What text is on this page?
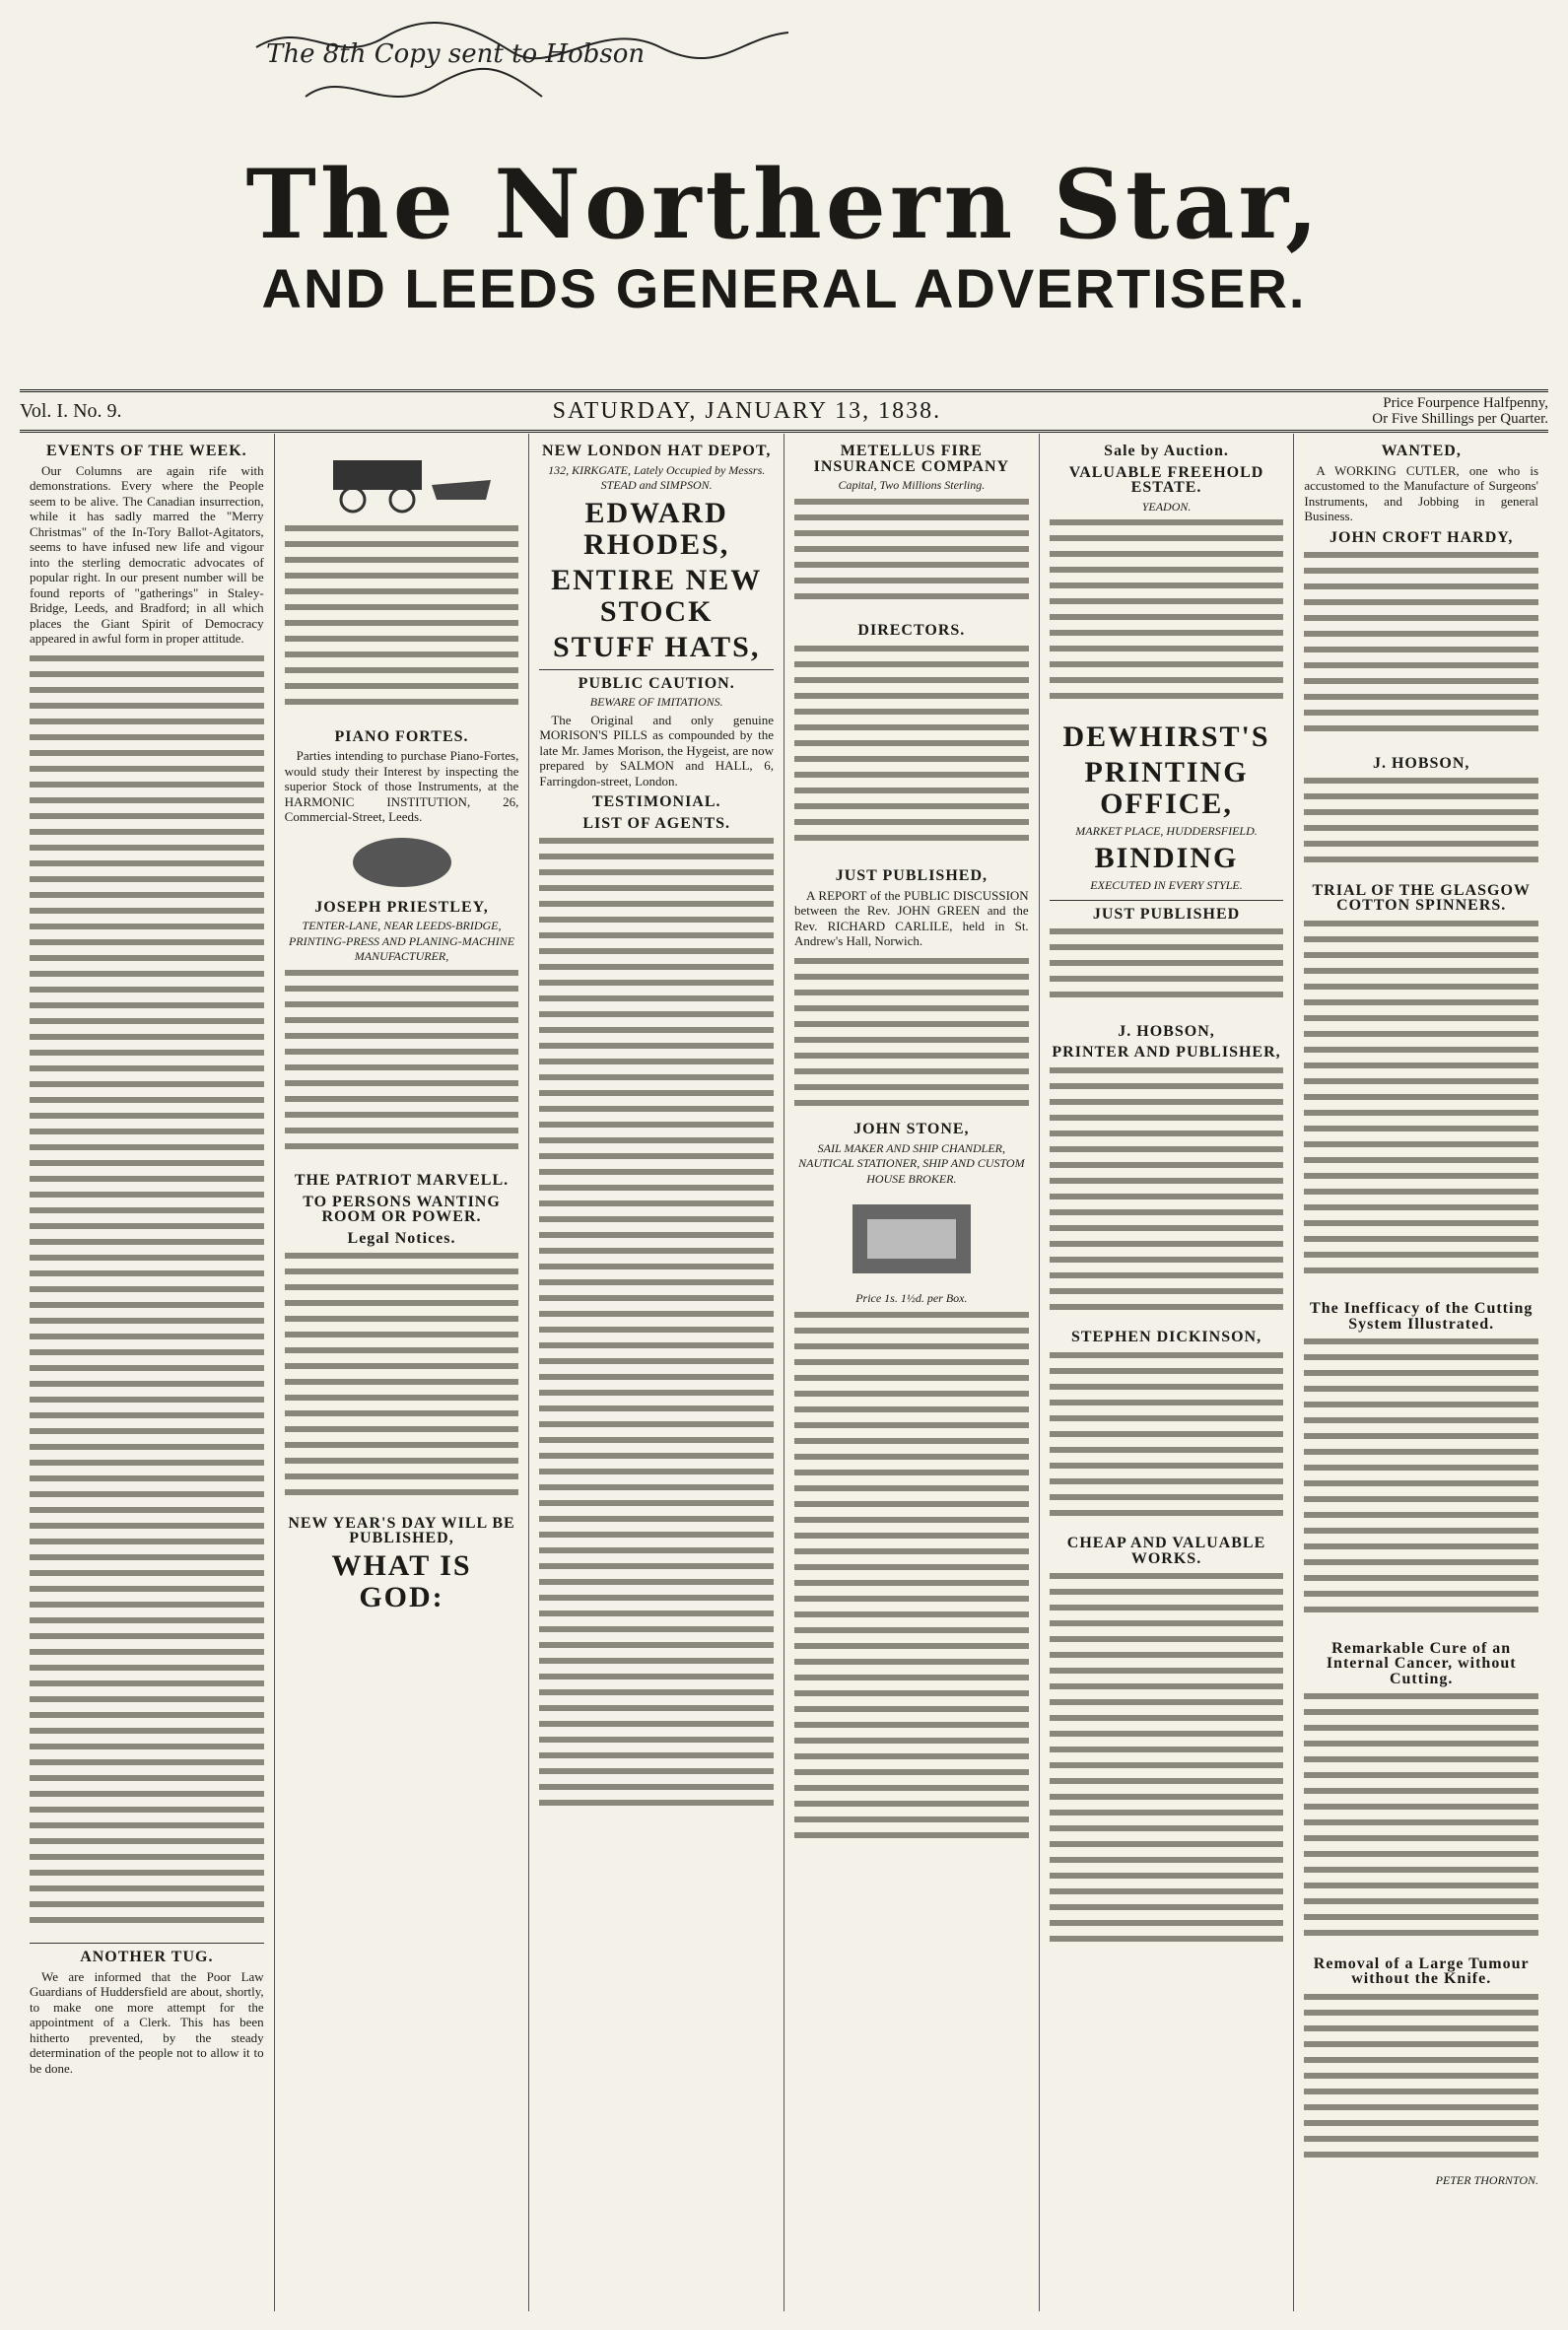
The 8th Copy sent to Hobson
The Northern Star,
AND LEEDS GENERAL ADVERTISER.
Vol. I. No. 9.	SATURDAY, JANUARY 13, 1838.	Price Fourpence Halfpenny,
Or Five Shillings per Quarter.
EVENTS OF THE WEEK.

Our Columns are again rife with demonstrations. Every where the People seem to be alive. The Canadian insurrection, while it has sadly marred the "Merry Christmas" of the In-Tory Ballot-Agitators, seems to have infused new life and vigour into the sterling democratic advocates of popular right. In our present number will be found reports of "gatherings" in Staley-Bridge, Leeds, and Bradford; in all which places the Giant Spirit of Democracy appeared in awful form in proper attitude.

ANOTHER TUG.

We are informed that the Poor Law Guardians of Huddersfield are about, shortly, to make one more attempt for the appointment of a Clerk. This has been hitherto prevented, by the steady determination of the people not to allow it to be done.

PIANO FORTES.

Parties intending to purchase Piano-Fortes, would study their Interest by inspecting the superior Stock of those Instruments, at the HARMONIC INSTITUTION, 26, Commercial-Street, Leeds.

JOSEPH PRIESTLEY,
TENTER-LANE, NEAR LEEDS-BRIDGE, PRINTING-PRESS AND PLANING-MACHINE MANUFACTURER,
THE PATRIOT MARVELL.
TO PERSONS WANTING ROOM OR POWER.
Legal Notices.
NEW YEAR'S DAY WILL BE PUBLISHED,
WHAT IS GOD:
NEW LONDON HAT DEPOT,
132, KIRKGATE, Lately Occupied by Messrs. STEAD and SIMPSON.
EDWARD RHODES,
ENTIRE NEW STOCK
STUFF HATS,
PUBLIC CAUTION.
BEWARE OF IMITATIONS.

The Original and only genuine MORISON'S PILLS as compounded by the late Mr. James Morison, the Hygeist, are now prepared by SALMON and HALL, 6, Farringdon-street, London.

TESTIMONIAL.
LIST OF AGENTS.
METELLUS FIRE INSURANCE COMPANY
Capital, Two Millions Sterling.
DIRECTORS.
JUST PUBLISHED,

A REPORT of the PUBLIC DISCUSSION between the Rev. JOHN GREEN and the Rev. RICHARD CARLILE, held in St. Andrew's Hall, Norwich.

JOHN STONE,
SAIL MAKER AND SHIP CHANDLER, NAUTICAL STATIONER, SHIP AND CUSTOM HOUSE BROKER.
Price 1s. 1½d. per Box.
Sale by Auction.
VALUABLE FREEHOLD ESTATE.
YEADON.
DEWHIRST'S
PRINTING OFFICE,
MARKET PLACE, HUDDERSFIELD.
BINDING
EXECUTED IN EVERY STYLE.
JUST PUBLISHED
J. HOBSON,
PRINTER AND PUBLISHER,
STEPHEN DICKINSON,
CHEAP AND VALUABLE WORKS.
WANTED,

A WORKING CUTLER, one who is accustomed to the Manufacture of Surgeons' Instruments, and Jobbing in general Business.

JOHN CROFT HARDY,
J. HOBSON,
TRIAL OF THE GLASGOW COTTON SPINNERS.
The Inefficacy of the Cutting System Illustrated.
Remarkable Cure of an Internal Cancer, without Cutting.
Removal of a Large Tumour without the Knife.
PETER THORNTON.
